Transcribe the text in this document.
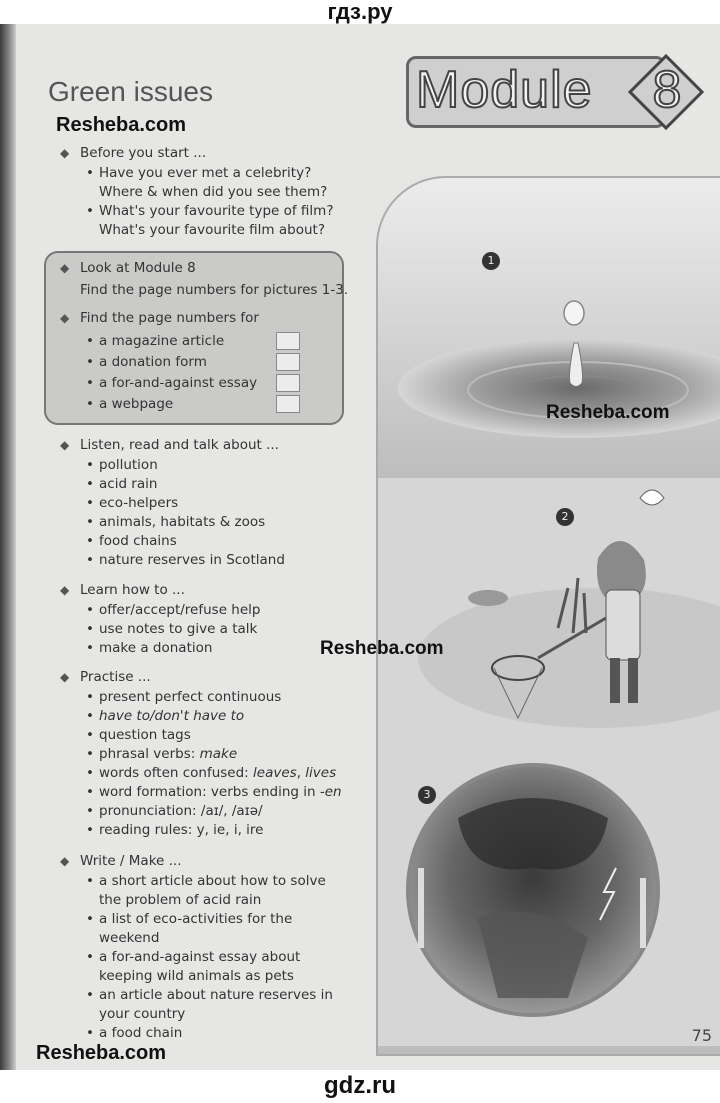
гдз.ру
Green issues
Resheba.com
Module 8
◆ Before you start ...
• Have you ever met a celebrity?
Where & when did you see them?
• What's your favourite type of film?
What's your favourite film about?
◆ Look at Module 8
Find the page numbers for pictures 1-3.
◆ Find the page numbers for
• a magazine article
• a donation form
• a for-and-against essay
• a webpage
◆ Listen, read and talk about ...
• pollution
• acid rain
• eco-helpers
• animals, habitats & zoos
• food chains
• nature reserves in Scotland
◆ Learn how to ...
• offer/accept/refuse help
• use notes to give a talk
• make a donation
◆ Practise ...
• present perfect continuous
• have to/don't have to
• question tags
• phrasal verbs: make
• words often confused: leaves, lives
• word formation: verbs ending in -en
• pronunciation: /aɪ/, /aɪə/
• reading rules: y, ie, i, ire
◆ Write / Make ...
• a short article about how to solve
the problem of acid rain
• a list of eco-activities for the
weekend
• a for-and-against essay about
keeping wild animals as pets
• an article about nature reserves in
your country
• a food chain
Resheba.com
1
2
3
Resheba.com
Resheba.com
75
gdz.ru
